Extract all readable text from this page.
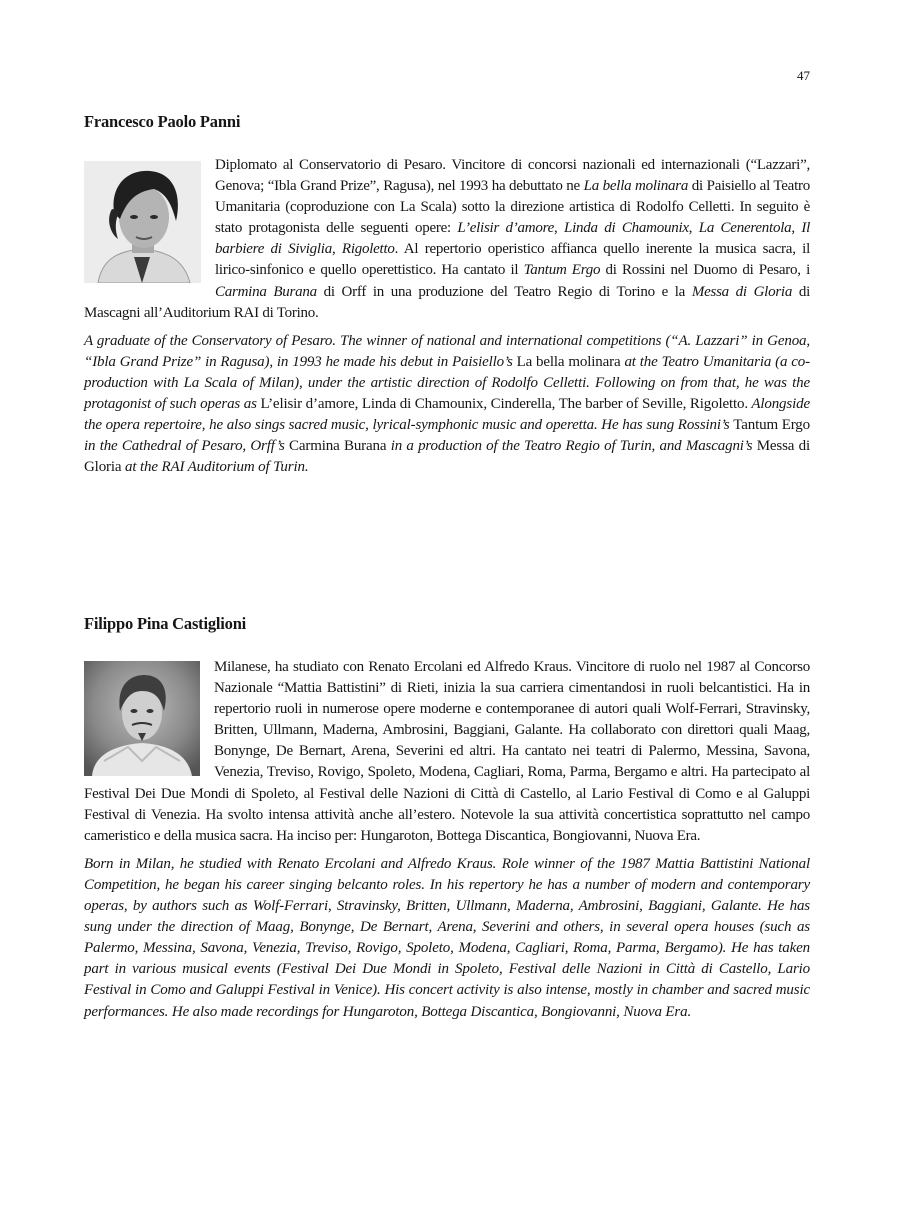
47
Francesco Paolo Panni
Diplomato al Conservatorio di Pesaro. Vincitore di concorsi nazionali ed internazionali (“Lazzari”, Genova; “Ibla Grand Prize”, Ragusa), nel 1993 ha debuttato ne La bella molinara di Paisiello al Teatro Umanitaria (coproduzione con La Scala) sotto la direzione artistica di Rodolfo Celletti. In seguito è stato protagonista delle seguenti opere: L’elisir d’amore, Linda di Chamounix, La Cenerentola, Il barbiere di Siviglia, Rigoletto. Al repertorio operistico affianca quello inerente la musica sacra, il lirico-sinfonico e quello operettistico. Ha cantato il Tantum Ergo di Rossini nel Duomo di Pesaro, i Carmina Burana di Orff in una produzione del Teatro Regio di Torino e la Messa di Gloria di Mascagni all’Auditorium RAI di Torino.
A graduate of the Conservatory of Pesaro. The winner of national and international competitions (“A. Lazzari” in Genoa, “Ibla Grand Prize” in Ragusa), in 1993 he made his debut in Paisiello’s La bella molinara at the Teatro Umanitaria (a co-production with La Scala of Milan), under the artistic direction of Rodolfo Celletti. Following on from that, he was the protagonist of such operas as L’elisir d’amore, Linda di Chamounix, Cinderella, The barber of Seville, Rigoletto. Alongside the opera repertoire, he also sings sacred music, lyrical-symphonic music and operetta. He has sung Rossini’s Tantum Ergo in the Cathedral of Pesaro, Orff’s Carmina Burana in a production of the Teatro Regio of Turin, and Mascagni’s Messa di Gloria at the RAI Auditorium of Turin.
Filippo Pina Castiglioni
Milanese, ha studiato con Renato Ercolani ed Alfredo Kraus. Vincitore di ruolo nel 1987 al Concorso Nazionale “Mattia Battistini” di Rieti, inizia la sua carriera cimentandosi in ruoli belcantistici. Ha in repertorio ruoli in numerose opere moderne e contemporanee di autori quali Wolf-Ferrari, Stravinsky, Britten, Ullmann, Maderna, Ambrosini, Baggiani, Galante. Ha collaborato con direttori quali Maag, Bonynge, De Bernart, Arena, Severini ed altri. Ha cantato nei teatri di Palermo, Messina, Savona, Venezia, Treviso, Rovigo, Spoleto, Modena, Cagliari, Roma, Parma, Bergamo e altri. Ha partecipato al Festival Dei Due Mondi di Spoleto, al Festival delle Nazioni di Città di Castello, al Lario Festival di Como e al Galuppi Festival di Venezia. Ha svolto intensa attività anche all’estero. Notevole la sua attività concertistica soprattutto nel campo cameristico e della musica sacra. Ha inciso per: Hungaroton, Bottega Discantica, Bongiovanni, Nuova Era.
Born in Milan, he studied with Renato Ercolani and Alfredo Kraus. Role winner of the 1987 Mattia Battistini National Competition, he began his career singing belcanto roles. In his repertory he has a number of modern and contemporary operas, by authors such as Wolf-Ferrari, Stravinsky, Britten, Ullmann, Maderna, Ambrosini, Baggiani, Galante. He has sung under the direction of Maag, Bonynge, De Bernart, Arena, Severini and others, in several opera houses (such as Palermo, Messina, Savona, Venezia, Treviso, Rovigo, Spoleto, Modena, Cagliari, Roma, Parma, Bergamo). He has taken part in various musical events (Festival Dei Due Mondi in Spoleto, Festival delle Nazioni in Città di Castello, Lario Festival in Como and Galuppi Festival in Venice). His concert activity is also intense, mostly in chamber and sacred music performances. He also made recordings for Hungaroton, Bottega Discantica, Bongiovanni, Nuova Era.
